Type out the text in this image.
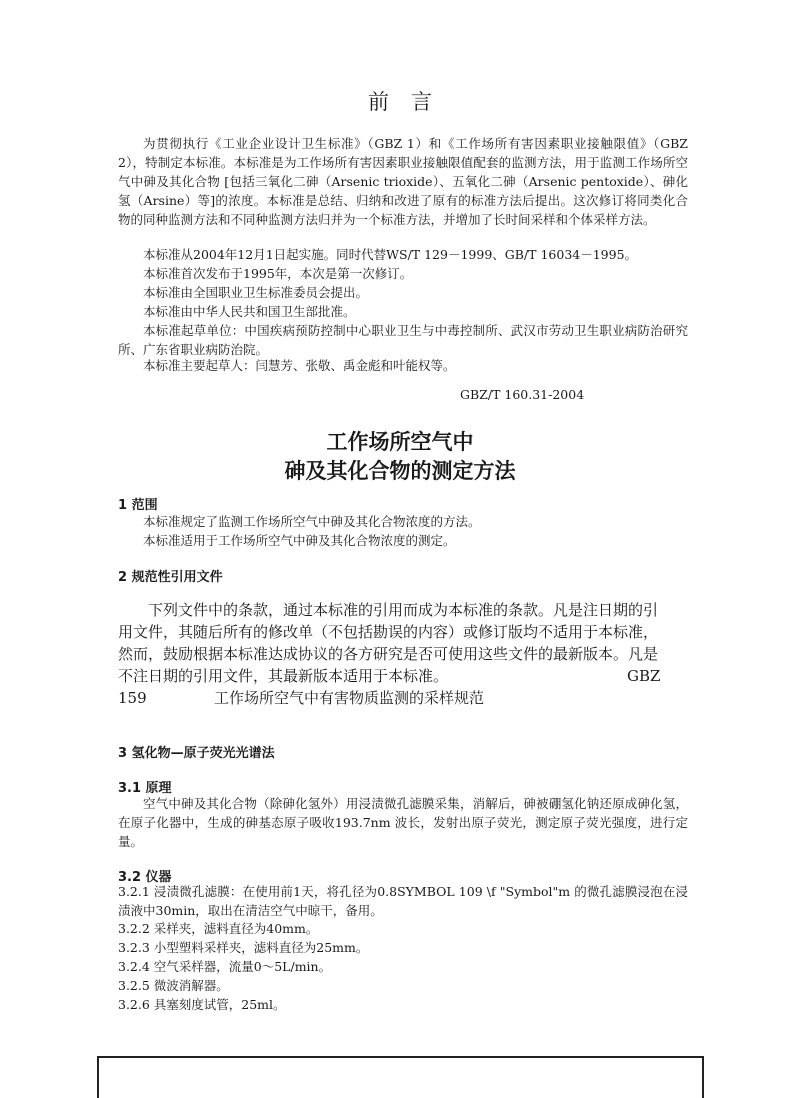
前言

为贯彻执行《工业企业设计卫生标准》（GBZ 1）和《工作场所有害因素职业接触限值》（GBZ 2），特制定本标准。本标准是为工作场所有害因素职业接触限值配套的监测方法，用于监测工作场所空气中砷及其化合物 [包括三氧化二砷（Arsenic trioxide）、五氧化二砷（Arsenic pentoxide）、砷化氢（Arsine）等]的浓度。本标准是总结、归纳和改进了原有的标准方法后提出。这次修订将同类化合物的同种监测方法和不同种监测方法归并为一个标准方法，并增加了长时间采样和个体采样方法。

本标准从2004年12月1日起实施。同时代替WS/T 129－1999、GB/T 16034－1995。
本标准首次发布于1995年，本次是第一次修订。
本标准由全国职业卫生标准委员会提出。
本标准由中华人民共和国卫生部批准。

本标准起草单位：中国疾病预防控制中心职业卫生与中毒控制所、武汉市劳动卫生职业病防治研究所、广东省职业病防治院。

本标准主要起草人：闫慧芳、张敬、禹金彪和叶能权等。
GBZ/T 160.31-2004
工作场所空气中
砷及其化合物的测定方法
1 范围
本标准规定了监测工作场所空气中砷及其化合物浓度的方法。
本标准适用于工作场所空气中砷及其化合物浓度的测定。
2 规范性引用文件

下列文件中的条款，通过本标准的引用而成为本标准的条款。凡是注日期的引用文件，其随后所有的修改单（不包括勘误的内容）或修订版均不适用于本标准，然而，鼓励根据本标准达成协议的各方研究是否可使用这些文件的最新版本。凡是不注日期的引用文件，其最新版本适用于本标准。	GBZ
159	工作场所空气中有害物质监测的采样规范
3 氢化物—原子荧光光谱法
3.1 原理

空气中砷及其化合物（除砷化氢外）用浸渍微孔滤膜采集，消解后，砷被硼氢化钠还原成砷化氢，在原子化器中，生成的砷基态原子吸收193.7nm 波长，发射出原子荧光，测定原子荧光强度，进行定量。

3.2 仪器

3.2.1 浸渍微孔滤膜：在使用前1天，将孔径为0.8SYMBOL 109 \f "Symbol"m 的微孔滤膜浸泡在浸渍液中30min，取出在清洁空气中晾干，备用。

3.2.2 采样夹，滤料直径为40mm。
3.2.3 小型塑料采样夹，滤料直径为25mm。
3.2.4 空气采样器，流量0～5L/min。
3.2.5 微波消解器。
3.2.6 具塞刻度试管，25ml。
